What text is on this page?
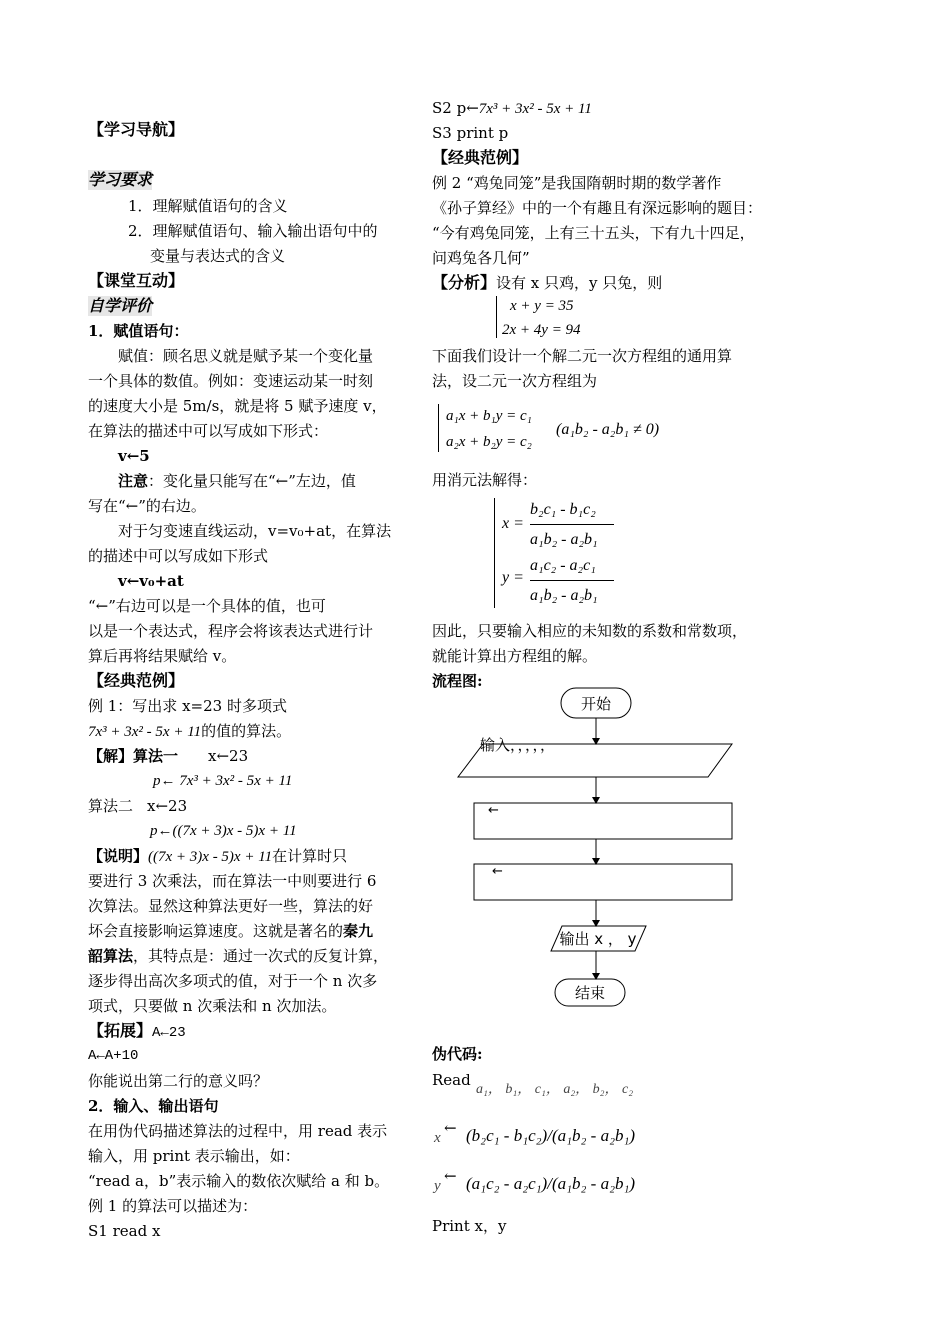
【学习导航】
学习要求
1．理解赋值语句的含义
2．理解赋值语句、输入输出语句中的
变量与表达式的含义
【课堂互动】
自学评价
1．赋值语句：
赋值：顾名思义就是赋予某一个变化量
一个具体的数值。例如：变速运动某一时刻
的速度大小是 5m/s，就是将 5 赋予速度 v，
在算法的描述中可以写成如下形式：
v←5
注意：变化量只能写在“←”左边，值
写在“←”的右边。
对于匀变速直线运动，v=v₀+at，在算法
的描述中可以写成如下形式
v←v₀+at
“←”右边可以是一个具体的值，也可
以是一个表达式，程序会将该表达式进行计
算后再将结果赋给 v。
【经典范例】
例 1：写出求 x=23 时多项式
7x³ + 3x² - 5x + 11的值的算法。
【解】算法一 x←23
p← 7x³ + 3x² - 5x + 11
算法二 x←23
p←((7x + 3)x - 5)x + 11
【说明】((7x + 3)x - 5)x + 11在计算时只
要进行 3 次乘法，而在算法一中则要进行 6
次算法。显然这种算法更好一些，算法的好
坏会直接影响运算速度。这就是著名的秦九
韶算法，其特点是：通过一次式的反复计算，
逐步得出高次多项式的值，对于一个 n 次多
项式，只要做 n 次乘法和 n 次加法。
【拓展】A←23
A←A+10
你能说出第二行的意义吗？
2．输入、输出语句
在用伪代码描述算法的过程中，用 read 表示
输入，用 print 表示输出，如：
“read a，b”表示输入的数依次赋给 a 和 b。
例 1 的算法可以描述为：
S1 read x
S2 p←7x³ + 3x² - 5x + 11
S3 print p
【经典范例】
例 2 “鸡兔同笼”是我国隋朝时期的数学著作
《孙子算经》中的一个有趣且有深远影响的题目：
“今有鸡兔同笼，上有三十五头，下有九十四足，
问鸡兔各几何”
【分析】设有 x 只鸡，y 只兔，则
x + y = 35
2x + 4y = 94
下面我们设计一个解二元一次方程组的通用算
法，设二元一次方程组为
a₁x + b₁y = c₁
a₂x + b₂y = c₂
(a₁b₂ - a₂b₁ ≠ 0)
用消元法解得：
x =
b₂c₁ - b₁c₂
a₁b₂ - a₂b₁
y =
a₁c₂ - a₂c₁
a₁b₂ - a₂b₁
因此，只要输入相应的未知数的系数和常数项，
就能计算出方程组的解。
流程图:
伪代码:
Read
a₁， b₁， c₁， a₂， b₂， c₂
x
← (b₂c₁ - b₁c₂)/(a₁b₂ - a₂b₁)
y
← (a₁c₂ - a₂c₁)/(a₁b₂ - a₂b₁)
Print x，y
开始
输入，，，，，
←
←
输出 x ， y
结束
